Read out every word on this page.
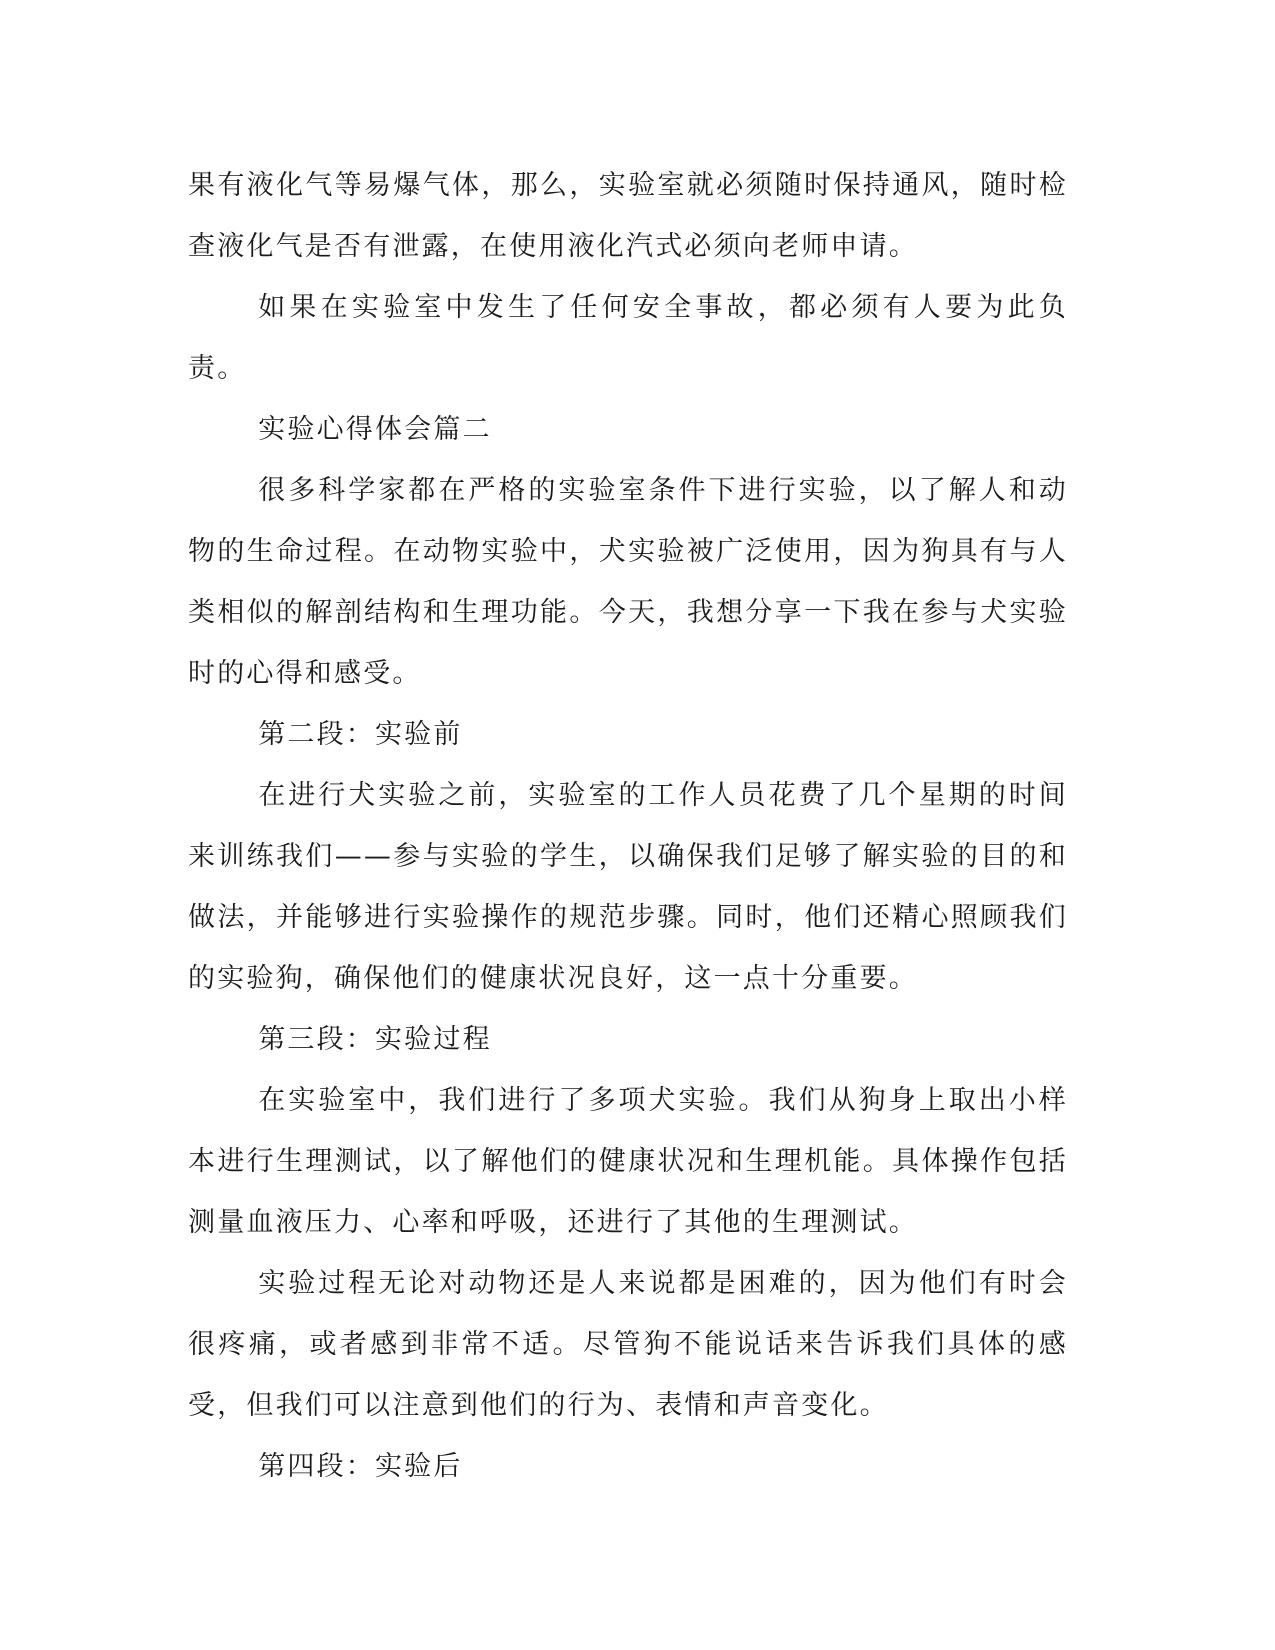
果有液化气等易爆气体，那么，实验室就必须随时保持通风，随时检查液化气是否有泄露，在使用液化汽式必须向老师申请。

如果在实验室中发生了任何安全事故，都必须有人要为此负责。

实验心得体会篇二

很多科学家都在严格的实验室条件下进行实验，以了解人和动物的生命过程。在动物实验中，犬实验被广泛使用，因为狗具有与人类相似的解剖结构和生理功能。今天，我想分享一下我在参与犬实验时的心得和感受。

第二段：实验前

在进行犬实验之前，实验室的工作人员花费了几个星期的时间来训练我们——参与实验的学生，以确保我们足够了解实验的目的和做法，并能够进行实验操作的规范步骤。同时，他们还精心照顾我们的实验狗，确保他们的健康状况良好，这一点十分重要。

第三段：实验过程

在实验室中，我们进行了多项犬实验。我们从狗身上取出小样本进行生理测试，以了解他们的健康状况和生理机能。具体操作包括测量血液压力、心率和呼吸，还进行了其他的生理测试。

实验过程无论对动物还是人来说都是困难的，因为他们有时会很疼痛，或者感到非常不适。尽管狗不能说话来告诉我们具体的感受，但我们可以注意到他们的行为、表情和声音变化。

第四段：实验后
